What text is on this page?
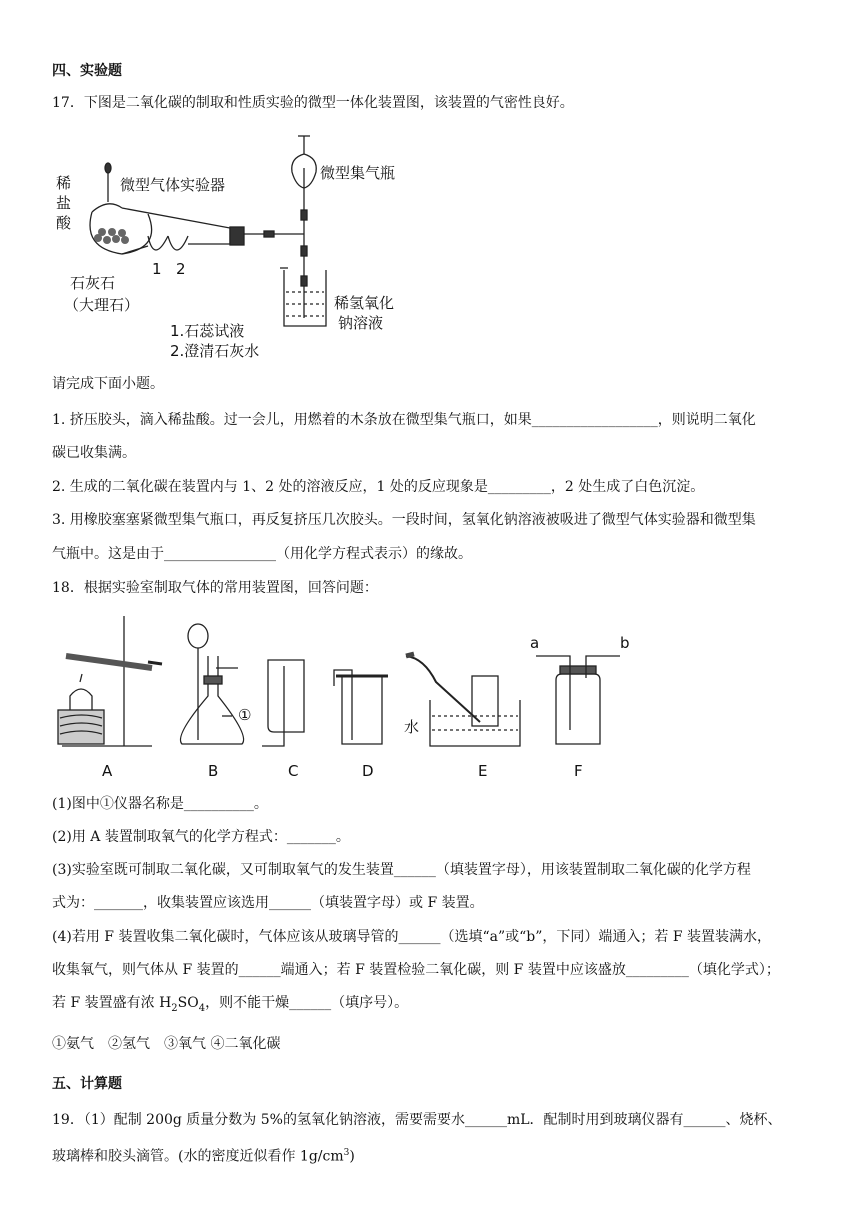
四、实验题
17．下图是二氧化碳的制取和性质实验的微型一体化装置图，该装置的气密性良好。
稀
盐
酸
微型气体实验器
微型集气瓶
石灰石
（大理石）
1 2
稀氢氧化
钠溶液
1.石蕊试液
2.澄清石灰水
请完成下面小题。
1. 挤压胶头，滴入稀盐酸。过一会儿，用燃着的木条放在微型集气瓶口，如果__________________，则说明二氧化
碳已收集满。
2. 生成的二氧化碳在装置内与 1、2 处的溶液反应，1 处的反应现象是_________，2 处生成了白色沉淀。
3. 用橡胶塞塞紧微型集气瓶口，再反复挤压几次胶头。一段时间，氢氧化钠溶液被吸进了微型气体实验器和微型集
气瓶中。这是由于________________（用化学方程式表示）的缘故。
18．根据实验室制取气体的常用装置图，回答问题：
①
水
a	b
A	B	C	D	E	F
(1)图中①仪器名称是__________。
(2)用 A 装置制取氧气的化学方程式：_______。
(3)实验室既可制取二氧化碳，又可制取氧气的发生装置______（填装置字母），用该装置制取二氧化碳的化学方程
式为：_______，收集装置应该选用______（填装置字母）或 F 装置。
(4)若用 F 装置收集二氧化碳时，气体应该从玻璃导管的______（选填“a”或“b”，下同）端通入；若 F 装置装满水，
收集氧气，则气体从 F 装置的______端通入；若 F 装置检验二氧化碳，则 F 装置中应该盛放_________（填化学式）；
若 F 装置盛有浓 $H_2SO_4$，则不能干燥______（填序号）。
①氨气　②氢气　③氧气 ④二氧化碳
五、计算题
19．（1）配制 200g 质量分数为 5%的氢氧化钠溶液，需要需要水______mL．配制时用到玻璃仪器有______、烧杯、
玻璃棒和胶头滴管。(水的密度近似看作 $1g/cm^3$)
